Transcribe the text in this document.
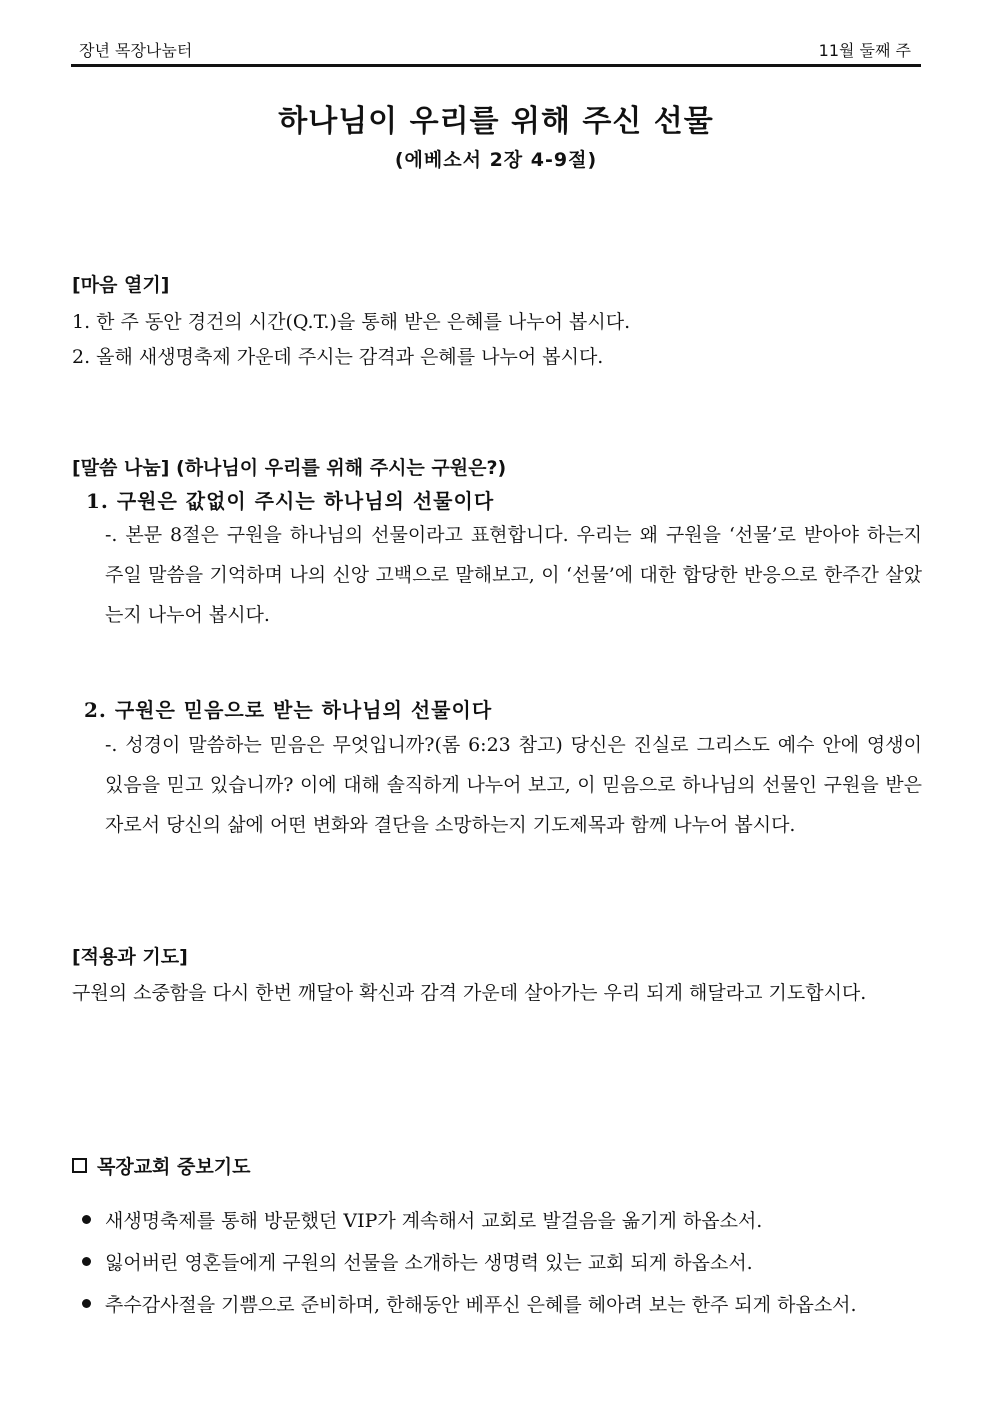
장년 목장나눔터	11월 둘째 주
하나님이 우리를 위해 주신 선물
(에베소서 2장 4-9절)
[마음 열기]
1. 한 주 동안 경건의 시간(Q.T.)을 통해 받은 은혜를 나누어 봅시다.
2. 올해 새생명축제 가운데 주시는 감격과 은혜를 나누어 봅시다.
[말씀 나눔] (하나님이 우리를 위해 주시는 구원은?)
1. 구원은 값없이 주시는 하나님의 선물이다
-. 본문 8절은 구원을 하나님의 선물이라고 표현합니다. 우리는 왜 구원을 ‘선물’로 받아야 하는지 주일 말씀을 기억하며 나의 신앙 고백으로 말해보고, 이 ‘선물’에 대한 합당한 반응으로 한주간 살았는지 나누어 봅시다.
2. 구원은 믿음으로 받는 하나님의 선물이다
-. 성경이 말씀하는 믿음은 무엇입니까?(롬 6:23 참고) 당신은 진실로 그리스도 예수 안에 영생이 있음을 믿고 있습니까? 이에 대해 솔직하게 나누어 보고, 이 믿음으로 하나님의 선물인 구원을 받은 자로서 당신의 삶에 어떤 변화와 결단을 소망하는지 기도제목과 함께 나누어 봅시다.
[적용과 기도]
구원의 소중함을 다시 한번 깨달아 확신과 감격 가운데 살아가는 우리 되게 해달라고 기도합시다.
목장교회 중보기도
새생명축제를 통해 방문했던 VIP가 계속해서 교회로 발걸음을 옮기게 하옵소서.
잃어버린 영혼들에게 구원의 선물을 소개하는 생명력 있는 교회 되게 하옵소서.
추수감사절을 기쁨으로 준비하며, 한해동안 베푸신 은혜를 헤아려 보는 한주 되게 하옵소서.
